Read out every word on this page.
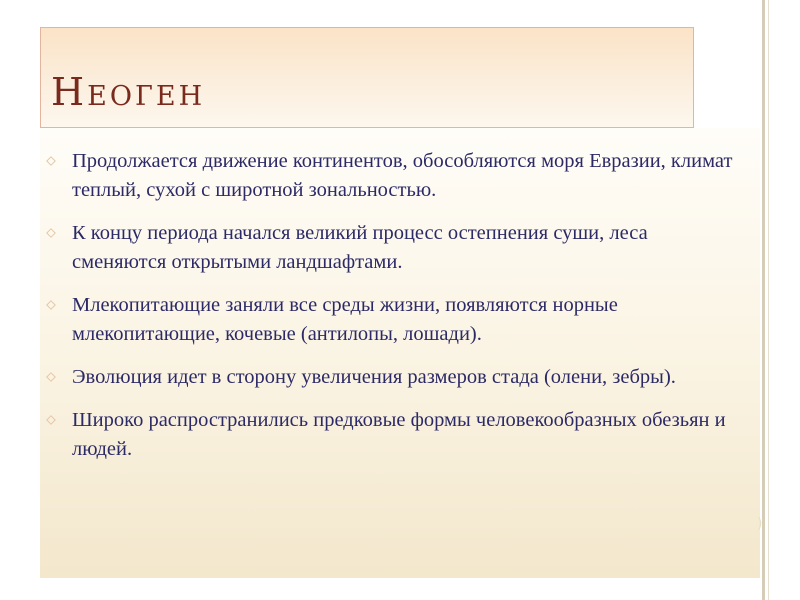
Неоген
Продолжается движение континентов, обособляются моря Евразии, климат теплый, сухой с широтной зональностью.
К концу периода начался великий процесс остепнения суши, леса сменяются открытыми ландшафтами.
Млекопитающие заняли все среды жизни, появляются норные млекопитающие, кочевые (антилопы, лошади).
Эволюция идет в сторону увеличения размеров стада (олени, зебры).
Широко распространились предковые формы человекообразных обезьян и людей.
)
